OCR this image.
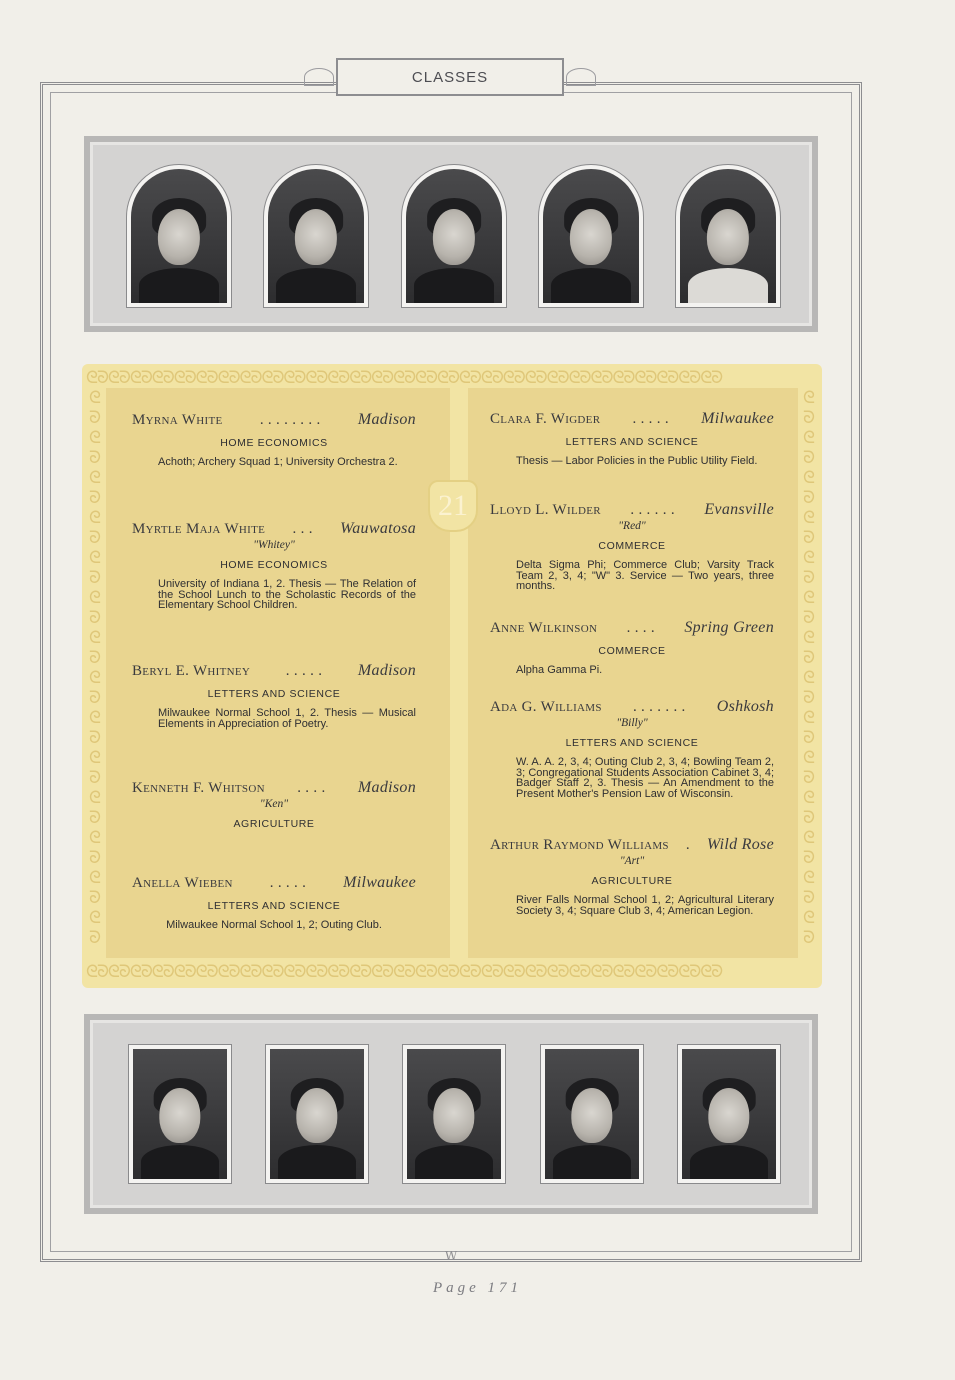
CLASSES
ᘓᘐᘓᘐᘓᘐᘓᘐᘓᘐᘓᘐᘓᘐᘓᘐᘓᘐᘓᘐᘓᘐᘓᘐᘓᘐᘓᘐᘓᘐᘓᘐᘓᘐᘓᘐᘓᘐᘓᘐᘓᘐᘓᘐᘓᘐᘓᘐᘓᘐᘓᘐᘓᘐᘓᘐᘓᘐ
ᘓᘐᘓᘐᘓᘐᘓᘐᘓᘐᘓᘐᘓᘐᘓᘐᘓᘐᘓᘐᘓᘐᘓᘐᘓᘐᘓᘐᘓᘐᘓᘐᘓᘐᘓᘐᘓᘐᘓᘐᘓᘐᘓᘐᘓᘐᘓᘐᘓᘐᘓᘐᘓᘐᘓᘐᘓᘐ
ᘓ ᘐ ᘓ ᘐ ᘓ ᘐ ᘓ ᘐ ᘓ ᘐ ᘓ ᘐ ᘓ ᘐ ᘓ ᘐ ᘓ ᘐ ᘓ ᘐ ᘓ ᘐ ᘓ ᘐ ᘓ ᘐ ᘓ ᘐ
ᘓ ᘐ ᘓ ᘐ ᘓ ᘐ ᘓ ᘐ ᘓ ᘐ ᘓ ᘐ ᘓ ᘐ ᘓ ᘐ ᘓ ᘐ ᘓ ᘐ ᘓ ᘐ ᘓ ᘐ ᘓ ᘐ ᘓ ᘐ
21
Myrna White . . . . . . . . Madison
HOME ECONOMICS
Achoth; Archery Squad 1; University Orchestra 2.
Myrtle Maja White . . . Wauwatosa
"Whitey"
HOME ECONOMICS
University of Indiana 1, 2. Thesis — The Relation of the School Lunch to the Scholastic Records of the Elementary School Children.
Beryl E. Whitney . . . . . Madison
LETTERS AND SCIENCE
Milwaukee Normal School 1, 2. Thesis — Musical Elements in Appreciation of Poetry.
Kenneth F. Whitson . . . . Madison
"Ken"
AGRICULTURE
Anella Wieben . . . . . Milwaukee
LETTERS AND SCIENCE
Milwaukee Normal School 1, 2; Outing Club.
Clara F. Wigder . . . . . Milwaukee
LETTERS AND SCIENCE
Thesis — Labor Policies in the Public Utility Field.
Lloyd L. Wilder . . . . . . Evansville
"Red"
COMMERCE
Delta Sigma Phi; Commerce Club; Varsity Track Team 2, 3, 4; "W" 3. Service — Two years, three months.
Anne Wilkinson . . . . Spring Green
COMMERCE
Alpha Gamma Pi.
Ada G. Williams . . . . . . . Oshkosh
"Billy"
LETTERS AND SCIENCE
W. A. A. 2, 3, 4; Outing Club 2, 3, 4; Bowling Team 2, 3; Congregational Students Association Cabinet 3, 4; Badger Staff 2, 3. Thesis — An Amendment to the Present Mother's Pension Law of Wisconsin.
Arthur Raymond Williams . Wild Rose
"Art"
AGRICULTURE
River Falls Normal School 1, 2; Agricultural Literary Society 3, 4; Square Club 3, 4; American Legion.
W
Page 171
